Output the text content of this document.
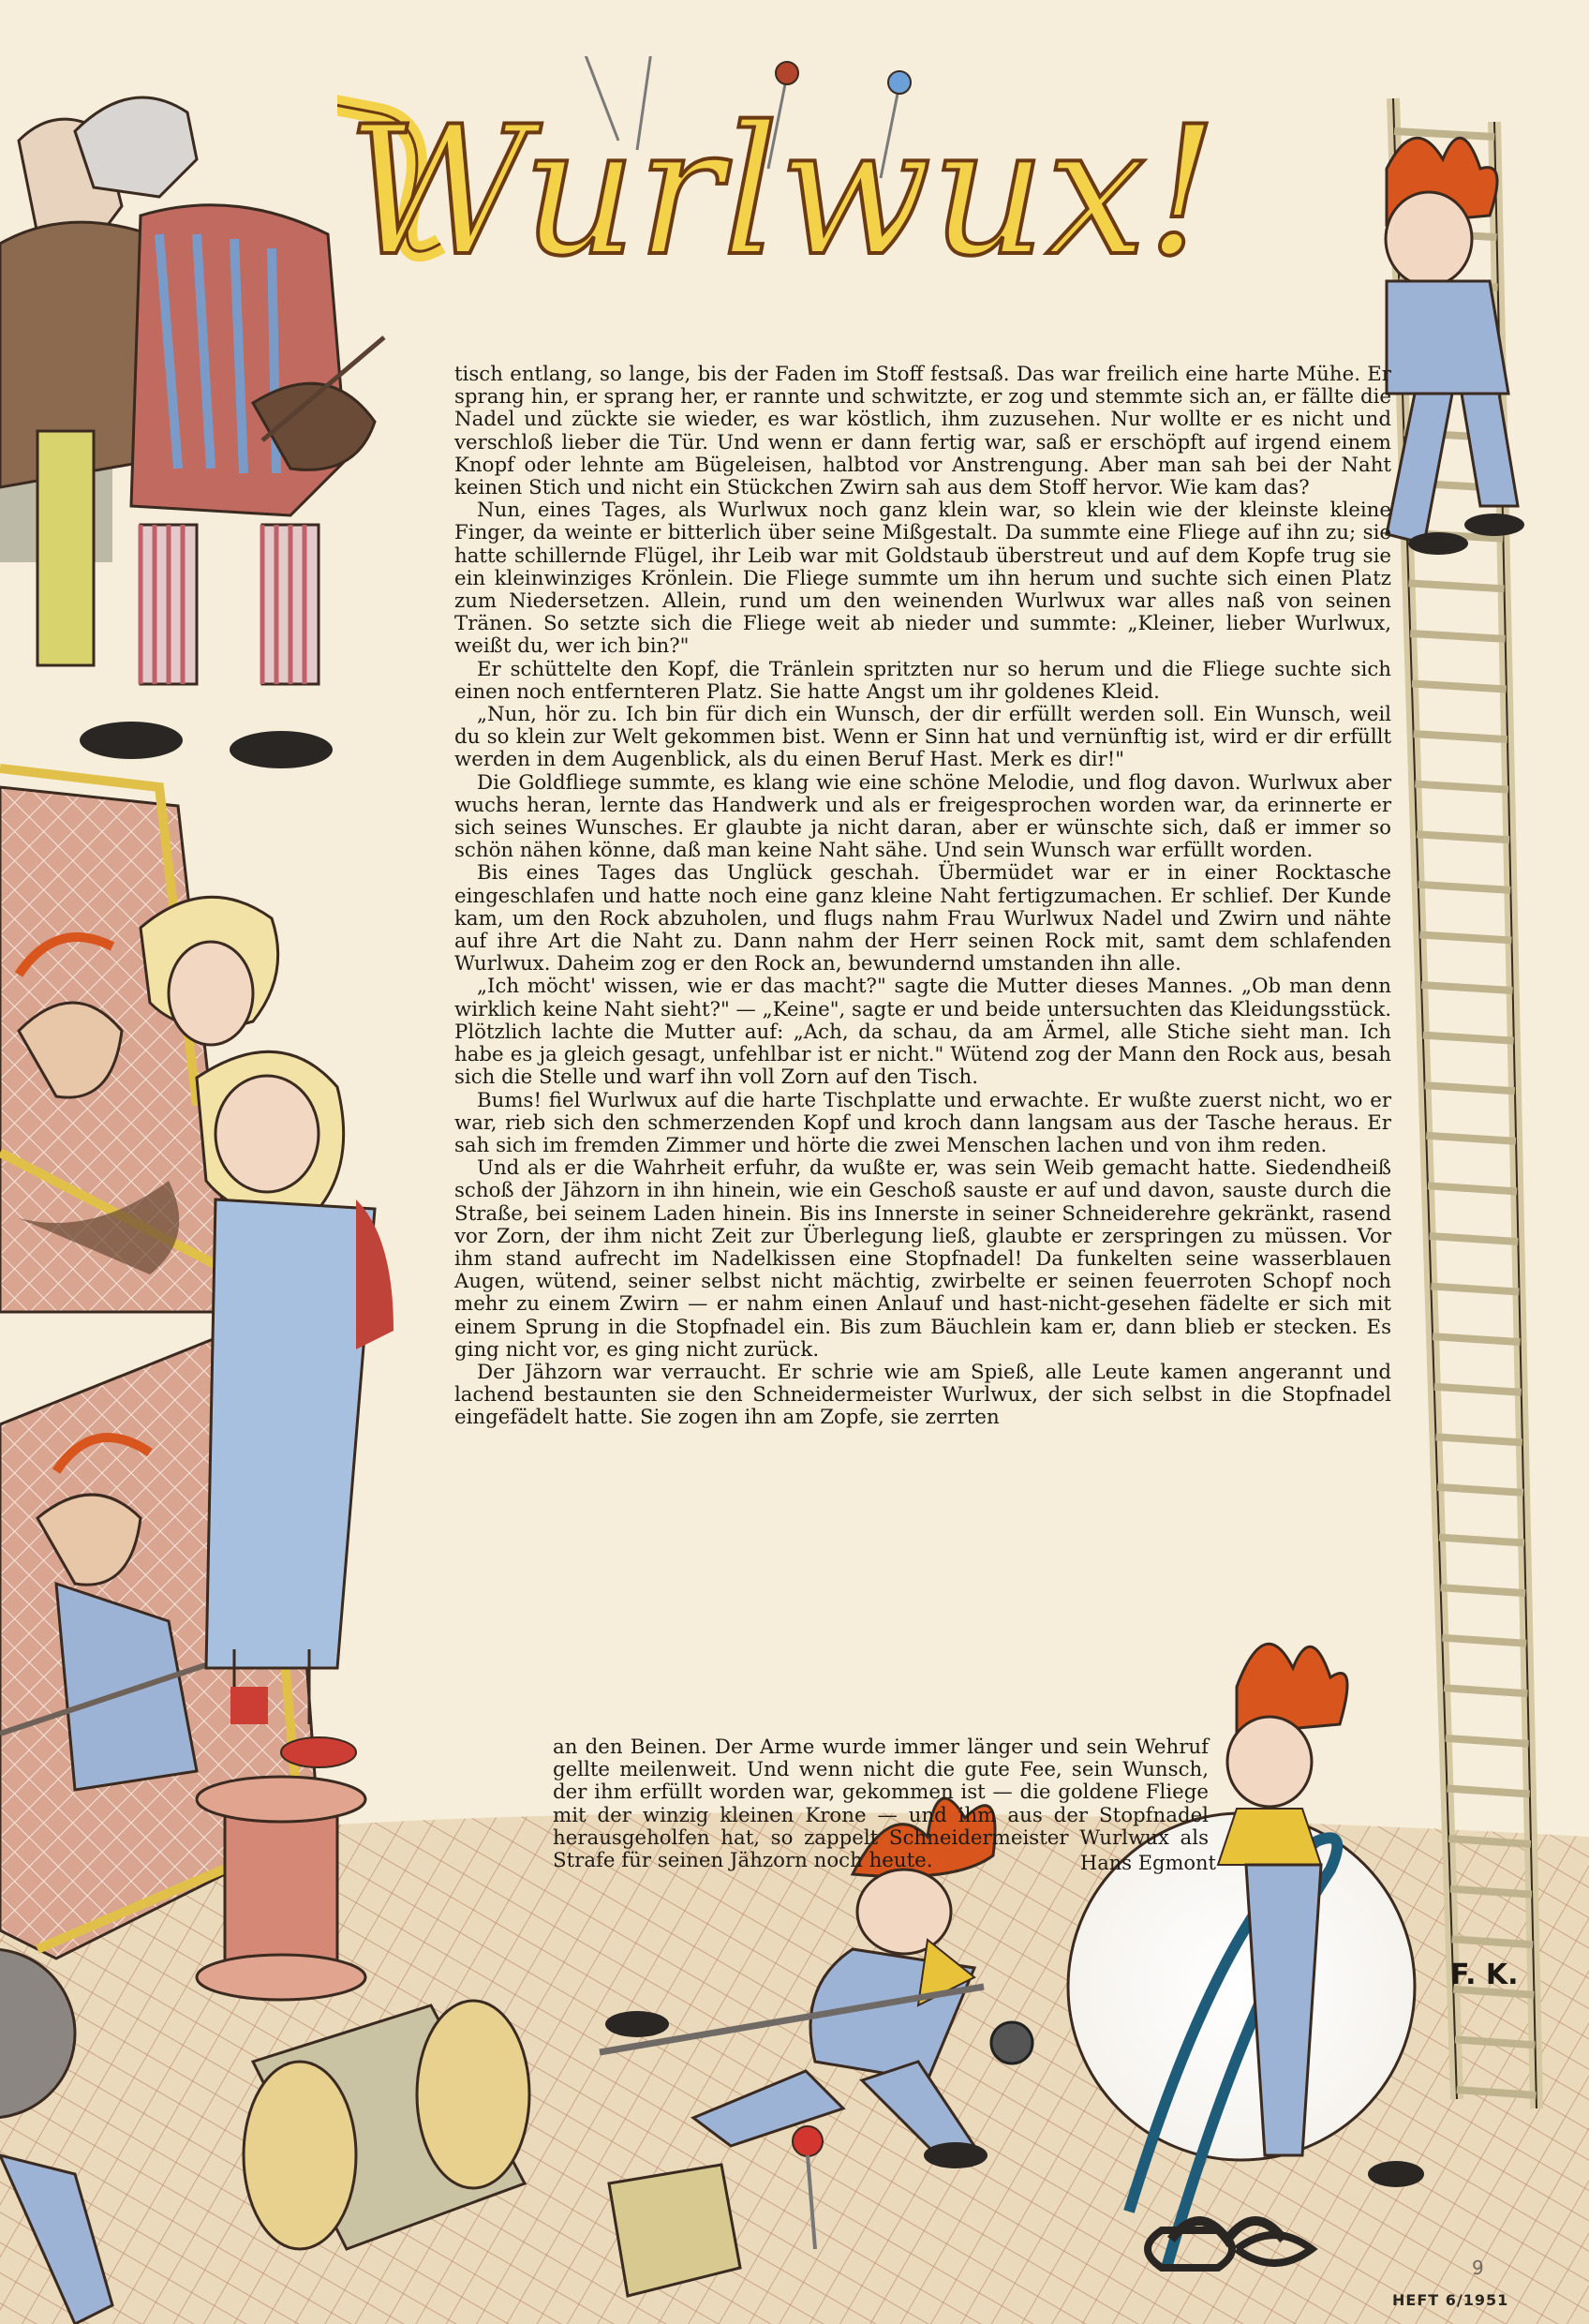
Wurlwux!

tisch entlang, so lange, bis der Faden im Stoff festsaß. Das war freilich eine harte Mühe. Er sprang hin, er sprang her, er rannte und schwitzte, er zog und stemmte sich an, er fällte die Nadel und zückte sie wieder, es war köstlich, ihm zuzusehen. Nur wollte er es nicht und verschloß lieber die Tür. Und wenn er dann fertig war, saß er erschöpft auf irgend einem Knopf oder lehnte am Bügeleisen, halbtod vor Anstrengung. Aber man sah bei der Naht keinen Stich und nicht ein Stückchen Zwirn sah aus dem Stoff hervor. Wie kam das?

Nun, eines Tages, als Wurlwux noch ganz klein war, so klein wie der kleinste kleine Finger, da weinte er bitterlich über seine Mißgestalt. Da summte eine Fliege auf ihn zu; sie hatte schillernde Flügel, ihr Leib war mit Goldstaub überstreut und auf dem Kopfe trug sie ein kleinwinziges Krönlein. Die Fliege summte um ihn herum und suchte sich einen Platz zum Niedersetzen. Allein, rund um den weinenden Wurlwux war alles naß von seinen Tränen. So setzte sich die Fliege weit ab nieder und summte: „Kleiner, lieber Wurlwux, weißt du, wer ich bin?"

Er schüttelte den Kopf, die Tränlein spritzten nur so herum und die Fliege suchte sich einen noch entfernteren Platz. Sie hatte Angst um ihr goldenes Kleid.

„Nun, hör zu. Ich bin für dich ein Wunsch, der dir erfüllt werden soll. Ein Wunsch, weil du so klein zur Welt gekommen bist. Wenn er Sinn hat und vernünftig ist, wird er dir erfüllt werden in dem Augenblick, als du einen Beruf Hast. Merk es dir!"

Die Goldfliege summte, es klang wie eine schöne Melodie, und flog davon. Wurlwux aber wuchs heran, lernte das Handwerk und als er freigesprochen worden war, da erinnerte er sich seines Wunsches. Er glaubte ja nicht daran, aber er wünschte sich, daß er immer so schön nähen könne, daß man keine Naht sähe. Und sein Wunsch war erfüllt worden.

Bis eines Tages das Unglück geschah. Übermüdet war er in einer Rocktasche eingeschlafen und hatte noch eine ganz kleine Naht fertigzumachen. Er schlief. Der Kunde kam, um den Rock abzuholen, und flugs nahm Frau Wurlwux Nadel und Zwirn und nähte auf ihre Art die Naht zu. Dann nahm der Herr seinen Rock mit, samt dem schlafenden Wurlwux. Daheim zog er den Rock an, bewundernd umstanden ihn alle.

„Ich möcht' wissen, wie er das macht?" sagte die Mutter dieses Mannes. „Ob man denn wirklich keine Naht sieht?" — „Keine", sagte er und beide untersuchten das Kleidungsstück. Plötzlich lachte die Mutter auf: „Ach, da schau, da am Ärmel, alle Stiche sieht man. Ich habe es ja gleich gesagt, unfehlbar ist er nicht." Wütend zog der Mann den Rock aus, besah sich die Stelle und warf ihn voll Zorn auf den Tisch.

Bums! fiel Wurlwux auf die harte Tischplatte und erwachte. Er wußte zuerst nicht, wo er war, rieb sich den schmerzenden Kopf und kroch dann langsam aus der Tasche heraus. Er sah sich im fremden Zimmer und hörte die zwei Menschen lachen und von ihm reden.

Und als er die Wahrheit erfuhr, da wußte er, was sein Weib gemacht hatte. Siedendheiß schoß der Jähzorn in ihn hinein, wie ein Geschoß sauste er auf und davon, sauste durch die Straße, bei seinem Laden hinein. Bis ins Innerste in seiner Schneiderehre gekränkt, rasend vor Zorn, der ihm nicht Zeit zur Überlegung ließ, glaubte er zerspringen zu müssen. Vor ihm stand aufrecht im Nadelkissen eine Stopfnadel! Da funkelten seine wasserblauen Augen, wütend, seiner selbst nicht mächtig, zwirbelte er seinen feuerroten Schopf noch mehr zu einem Zwirn — er nahm einen Anlauf und hast-nicht-gesehen fädelte er sich mit einem Sprung in die Stopfnadel ein. Bis zum Bäuchlein kam er, dann blieb er stecken. Es ging nicht vor, es ging nicht zurück.

Der Jähzorn war verraucht. Er schrie wie am Spieß, alle Leute kamen angerannt und lachend bestaunten sie den Schneidermeister Wurlwux, der sich selbst in die Stopfnadel eingefädelt hatte. Sie zogen ihn am Zopfe, sie zerrten

an den Beinen. Der Arme wurde immer länger und sein Wehruf gellte meilenweit. Und wenn nicht die gute Fee, sein Wunsch, der ihm erfüllt worden war, gekommen ist — die goldene Fliege mit der winzig kleinen Krone — und ihm aus der Stopfnadel herausgeholfen hat, so zappelt Schneidermeister Wurlwux als Strafe für seinen Jähzorn noch heute.	Hans Egmont
F. K.
9
HEFT 6/1951
